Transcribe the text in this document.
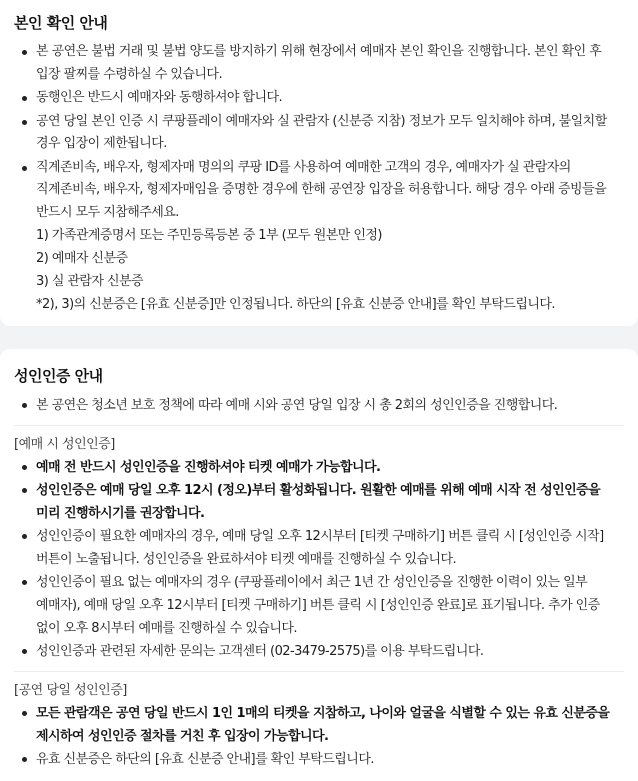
본인 확인 안내
본 공연은 불법 거래 및 불법 양도를 방지하기 위해 현장에서 예매자 본인 확인을 진행합니다. 본인 확인 후 입장 팔찌를 수령하실 수 있습니다.
동행인은 반드시 예매자와 동행하셔야 합니다.
공연 당일 본인 인증 시 쿠팡플레이 예매자와 실 관람자 (신분증 지참) 정보가 모두 일치해야 하며, 불일치할 경우 입장이 제한됩니다.
직계존비속, 배우자, 형제자매 명의의 쿠팡 ID를 사용하여 예매한 고객의 경우, 예매자가 실 관람자의 직계존비속, 배우자, 형제자매임을 증명한 경우에 한해 공연장 입장을 허용합니다. 해당 경우 아래 증빙들을 반드시 모두 지참해주세요.
1) 가족관계증명서 또는 주민등록등본 중 1부 (모두 원본만 인정)
2) 예매자 신분증
3) 실 관람자 신분증
*2), 3)의 신분증은 [유효 신분증]만 인정됩니다. 하단의 [유효 신분증 안내]를 확인 부탁드립니다.
성인인증 안내
본 공연은 청소년 보호 정책에 따라 예매 시와 공연 당일 입장 시 총 2회의 성인인증을 진행합니다.
[예매 시 성인인증]
예매 전 반드시 성인인증을 진행하셔야 티켓 예매가 가능합니다.
성인인증은 예매 당일 오후 12시 (정오)부터 활성화됩니다. 원활한 예매를 위해 예매 시작 전 성인인증을 미리 진행하시기를 권장합니다.
성인인증이 필요한 예매자의 경우, 예매 당일 오후 12시부터 [티켓 구매하기] 버튼 클릭 시 [성인인증 시작] 버튼이 노출됩니다. 성인인증을 완료하셔야 티켓 예매를 진행하실 수 있습니다.
성인인증이 필요 없는 예매자의 경우 (쿠팡플레이에서 최근 1년 간 성인인증을 진행한 이력이 있는 일부 예매자), 예매 당일 오후 12시부터 [티켓 구매하기] 버튼 클릭 시 [성인인증 완료]로 표기됩니다. 추가 인증 없이 오후 8시부터 예매를 진행하실 수 있습니다.
성인인증과 관련된 자세한 문의는 고객센터 (02-3479-2575)를 이용 부탁드립니다.
[공연 당일 성인인증]
모든 관람객은 공연 당일 반드시 1인 1매의 티켓을 지참하고, 나이와 얼굴을 식별할 수 있는 유효 신분증을 제시하여 성인인증 절차를 거친 후 입장이 가능합니다.
유효 신분증은 하단의 [유효 신분증 안내]를 확인 부탁드립니다.
